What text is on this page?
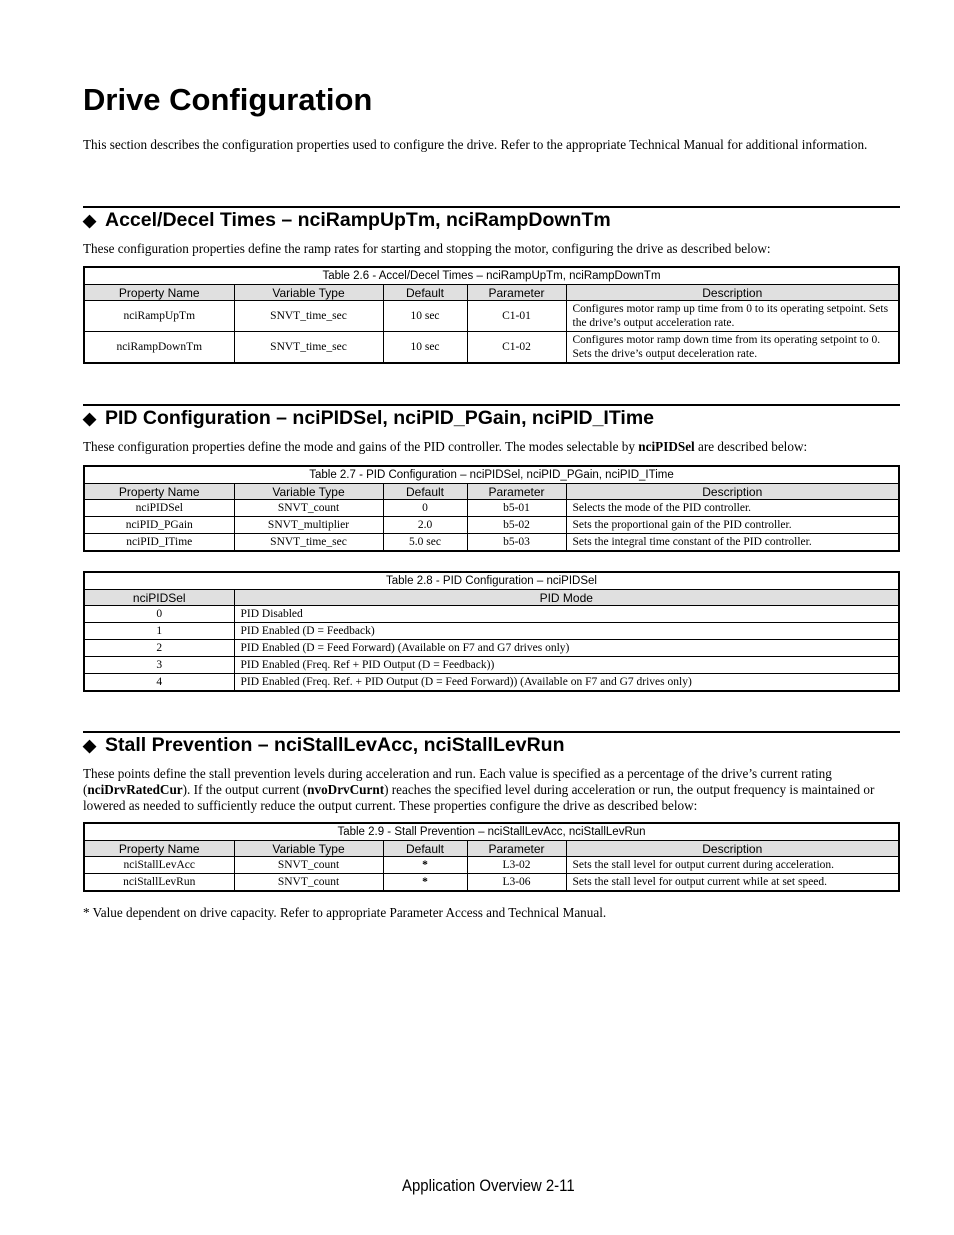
Drive Configuration

This section describes the configuration properties used to configure the drive. Refer to the appropriate Technical Manual for additional information.

◆ Accel/Decel Times – nciRampUpTm, nciRampDownTm

These configuration properties define the ramp rates for starting and stopping the motor, configuring the drive as described below:

Table 2.6 - Accel/Decel Times – nciRampUpTm, nciRampDownTm				
Property Name	Variable Type	Default	Parameter	Description
nciRampUpTm	SNVT_time_sec	10 sec	C1-01	Configures motor ramp up time from 0 to its operating setpoint. Sets the drive’s output acceleration rate.
nciRampDownTm	SNVT_time_sec	10 sec	C1-02	Configures motor ramp down time from its operating setpoint to 0. Sets the drive’s output deceleration rate.
◆ PID Configuration – nciPIDSel, nciPID_PGain, nciPID_ITime

These configuration properties define the mode and gains of the PID controller. The modes selectable by nciPIDSel are described below:

Table 2.7 - PID Configuration – nciPIDSel, nciPID_PGain, nciPID_ITime				
Property Name	Variable Type	Default	Parameter	Description
nciPIDSel	SNVT_count	0	b5-01	Selects the mode of the PID controller.
nciPID_PGain	SNVT_multiplier	2.0	b5-02	Sets the proportional gain of the PID controller.
nciPID_ITime	SNVT_time_sec	5.0 sec	b5-03	Sets the integral time constant of the PID controller.
Table 2.8 - PID Configuration – nciPIDSel	
nciPIDSel	PID Mode
0	PID Disabled
1	PID Enabled (D = Feedback)
2	PID Enabled (D = Feed Forward) (Available on F7 and G7 drives only)
3	PID Enabled (Freq. Ref + PID Output (D = Feedback))
4	PID Enabled (Freq. Ref. + PID Output (D = Feed Forward)) (Available on F7 and G7 drives only)
◆ Stall Prevention – nciStallLevAcc, nciStallLevRun

These points define the stall prevention levels during acceleration and run. Each value is specified as a percentage of the drive’s current rating (nciDrvRatedCur). If the output current (nvoDrvCurnt) reaches the specified level during acceleration or run, the output frequency is maintained or lowered as needed to sufficiently reduce the output current. These properties configure the drive as described below:

Table 2.9 - Stall Prevention – nciStallLevAcc, nciStallLevRun				
Property Name	Variable Type	Default	Parameter	Description
nciStallLevAcc	SNVT_count	*	L3-02	Sets the stall level for output current during acceleration.
nciStallLevRun	SNVT_count	*	L3-06	Sets the stall level for output current while at set speed.

* Value dependent on drive capacity. Refer to appropriate Parameter Access and Technical Manual.

Application Overview 2-11
